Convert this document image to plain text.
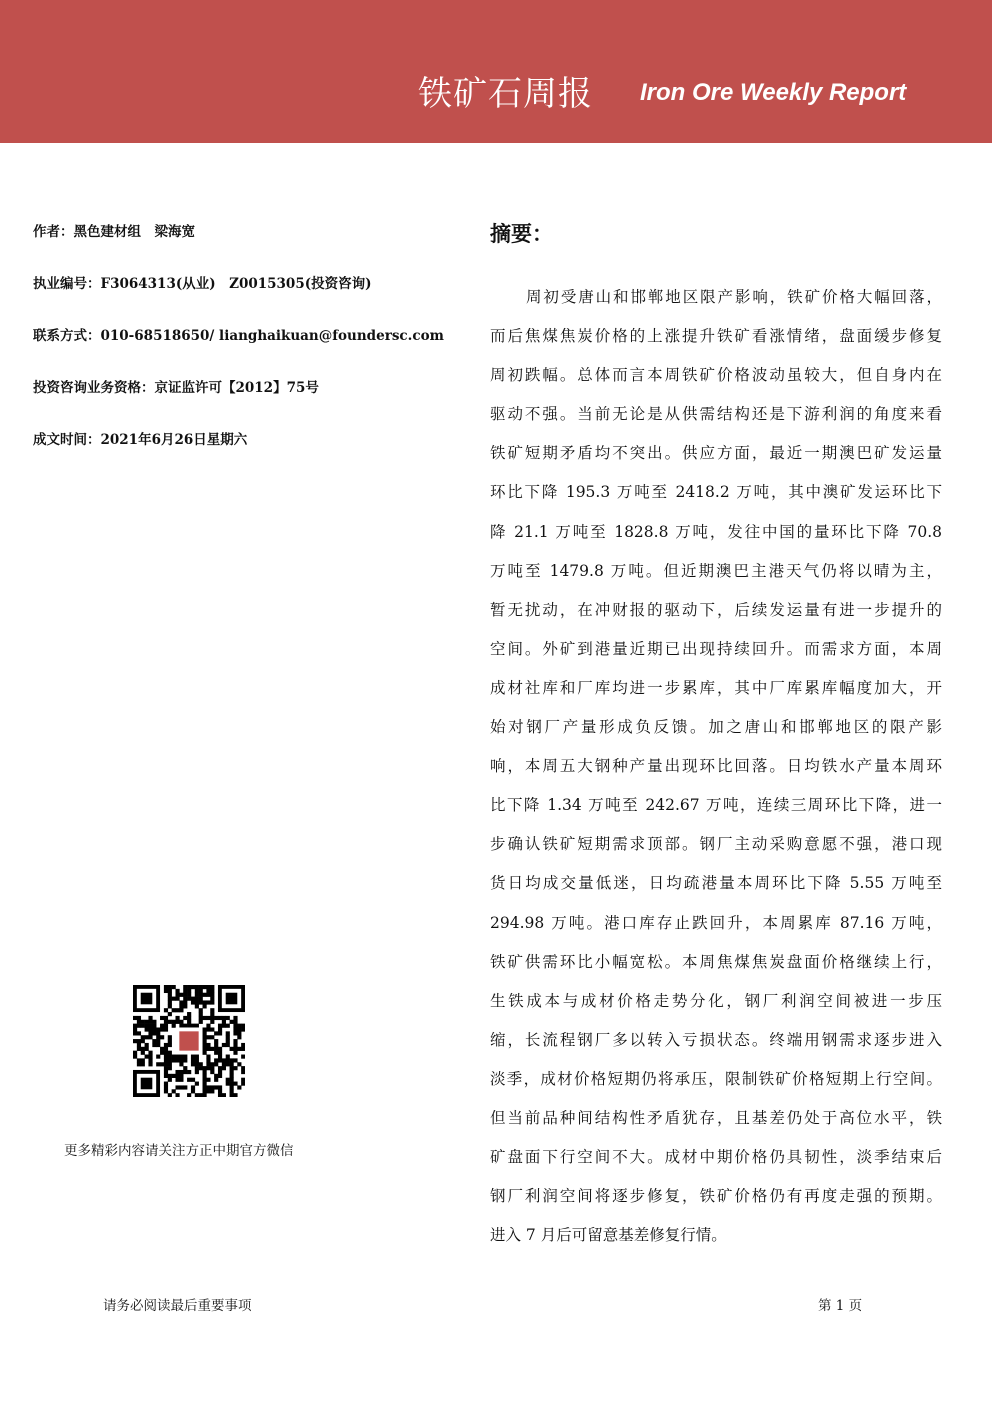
铁矿石周报 Iron Ore Weekly Report
作者：黑色建材组　梁海宽
执业编号：F3064313(从业)　Z0015305(投资咨询)
联系方式：010-68518650/ lianghaikuan@foundersc.com
投资咨询业务资格：京证监许可【2012】75号
成文时间：2021年6月26日星期六
摘要：
周初受唐山和邯郸地区限产影响，铁矿价格大幅回落，
而后焦煤焦炭价格的上涨提升铁矿看涨情绪，盘面缓步修复
周初跌幅。总体而言本周铁矿价格波动虽较大，但自身内在
驱动不强。当前无论是从供需结构还是下游利润的角度来看
铁矿短期矛盾均不突出。供应方面，最近一期澳巴矿发运量
环比下降 195.3 万吨至 2418.2 万吨，其中澳矿发运环比下
降 21.1 万吨至 1828.8 万吨，发往中国的量环比下降 70.8
万吨至 1479.8 万吨。但近期澳巴主港天气仍将以晴为主，
暂无扰动，在冲财报的驱动下，后续发运量有进一步提升的
空间。外矿到港量近期已出现持续回升。而需求方面，本周
成材社库和厂库均进一步累库，其中厂库累库幅度加大，开
始对钢厂产量形成负反馈。加之唐山和邯郸地区的限产影
响，本周五大钢种产量出现环比回落。日均铁水产量本周环
比下降 1.34 万吨至 242.67 万吨，连续三周环比下降，进一
步确认铁矿短期需求顶部。钢厂主动采购意愿不强，港口现
货日均成交量低迷，日均疏港量本周环比下降 5.55 万吨至
294.98 万吨。港口库存止跌回升，本周累库 87.16 万吨，
铁矿供需环比小幅宽松。本周焦煤焦炭盘面价格继续上行，
生铁成本与成材价格走势分化，钢厂利润空间被进一步压
缩，长流程钢厂多以转入亏损状态。终端用钢需求逐步进入
淡季，成材价格短期仍将承压，限制铁矿价格短期上行空间。
但当前品种间结构性矛盾犹存，且基差仍处于高位水平，铁
矿盘面下行空间不大。成材中期价格仍具韧性，淡季结束后
钢厂利润空间将逐步修复，铁矿价格仍有再度走强的预期。
进入 7 月后可留意基差修复行情。
更多精彩内容请关注方正中期官方微信
请务必阅读最后重要事项	第 1 页
